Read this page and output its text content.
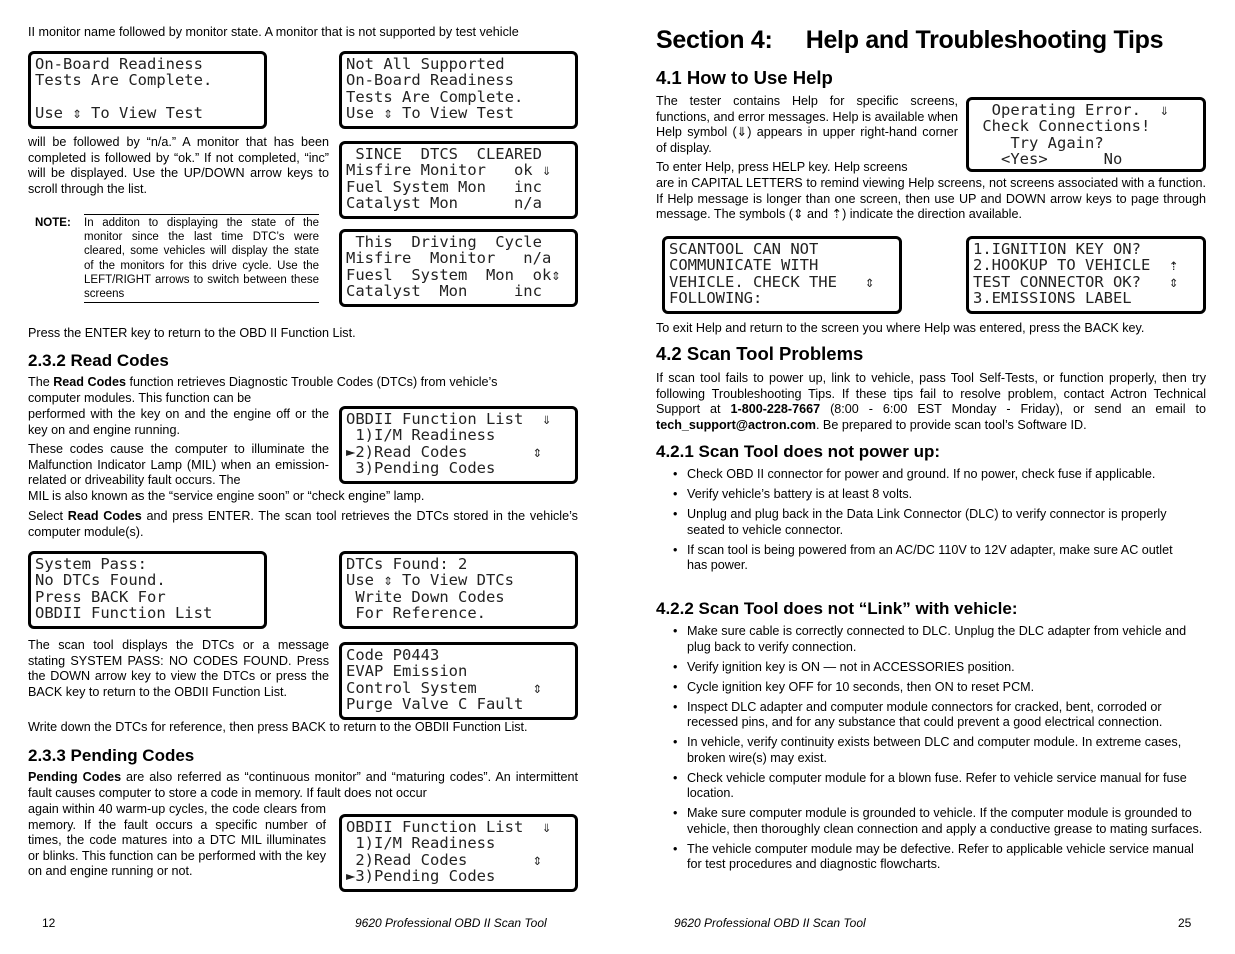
II monitor name followed by monitor state. A monitor that is not supported by test vehicle

On-Board Readiness
Tests Are Complete.
Use ⇕ To View Test
Not All Supported
On-Board Readiness
Tests Are Complete.
Use ⇕ To View Test

will be followed by “n/a.” A monitor that has been completed is followed by “ok.” If not completed, “inc” will be displayed. Use the UP/DOWN arrow keys to scroll through the list.

SINCE  DTCS  CLEARED
Misfire Monitor   ok ⇓
Fuel System Mon   inc
Catalyst Mon      n/a
NOTE: In additon to displaying the state of the monitor since the last time DTC’s were cleared, some vehicles will display the state of the monitors for this drive cycle. Use the LEFT/RIGHT arrows to switch between these screens
This  Driving  Cycle
Misfire  Monitor   n/a
Fuesl  System  Mon  ok⇕
Catalyst  Mon     inc

Press the ENTER key to return to the OBD II Function List.

2.3.2 Read Codes

The Read Codes function retrieves Diagnostic Trouble Codes (DTCs) from vehicle’s

computer modules. This function can be

performed with the key on and the engine off or the key on and engine running.

These codes cause the computer to illuminate the Malfunction Indicator Lamp (MIL) when an emission-related or driveability fault occurs. The

MIL is also known as the “service engine soon” or “check engine” lamp.

OBDII Function List  ⇓
1)I/M Readiness
►2)Read Codes       ⇕
3)Pending Codes

Select Read Codes and press ENTER. The scan tool retrieves the DTCs stored in the vehicle’s computer module(s).

System Pass:
No DTCs Found.
Press BACK For
OBDII Function List
DTCs Found: 2
Use ⇕ To View DTCs
Write Down Codes
For Reference.

The scan tool displays the DTCs or a message stating SYSTEM PASS: NO CODES FOUND. Press the DOWN arrow key to view the DTCs or press the BACK key to return to the OBDII Function List.

Code P0443
EVAP Emission
Control System      ⇕
Purge Valve C Fault

Write down the DTCs for reference, then press BACK to return to the OBDII Function List.

2.3.3 Pending Codes

Pending Codes are also referred as “continuous monitor” and “maturing codes”. An intermittent fault causes computer to store a code in memory. If fault does not occur

again within 40 warm-up cycles, the code clears from memory. If the fault occurs a specific number of times, the code matures into a DTC MIL illuminates or blinks. This function can be performed with the key on and engine running or not.

OBDII Function List  ⇓
1)I/M Readiness
2)Read Codes       ⇕
►3)Pending Codes
12	9620 Professional OBD II Scan Tool
Section 4:     Help and Troubleshooting Tips
4.1 How to Use Help

The tester contains Help for specific screens, functions, and error messages. Help is available when Help symbol (⇓) appears in upper right-hand corner of display.

To enter Help, press HELP key. Help screens

are in CAPITAL LETTERS to remind viewing Help screens, not screens associated with a function. If Help message is longer than one screen, then use UP and DOWN arrow keys to page through message. The symbols (⇕ and ⇡) indicate the direction available.

Operating Error.  ⇓
Check Connections!
Try Again?
<Yes>      No
SCANTOOL CAN NOT
COMMUNICATE WITH
VEHICLE. CHECK THE   ⇕
FOLLOWING:
1.IGNITION KEY ON?
2.HOOKUP TO VEHICLE  ⇡
TEST CONNECTOR OK?   ⇕
3.EMISSIONS LABEL

To exit Help and return to the screen you where Help was entered, press the BACK key.

4.2 Scan Tool Problems

If scan tool fails to power up, link to vehicle, pass Tool Self-Tests, or function properly, then try following Troubleshooting Tips. If these tips fail to resolve problem, contact Actron Technical Support at 1-800-228-7667 (8:00 - 6:00 EST Monday - Friday), or send an email to tech_support@actron.com. Be prepared to provide scan tool’s Software ID.

4.2.1 Scan Tool does not power up:
• Check OBD II connector for power and ground. If no power, check fuse if applicable.
• Verify vehicle’s battery is at least 8 volts.
• Unplug and plug back in the Data Link Connector (DLC) to verify connector is properly seated to vehicle connector.
• If scan tool is being powered from an AC/DC 110V to 12V adapter, make sure AC outlet has power.
4.2.2 Scan Tool does not “Link” with vehicle:
• Make sure cable is correctly connected to DLC. Unplug the DLC adapter from vehicle and plug back to verify connection.
• Verify ignition key is ON — not in ACCESSORIES position.
• Cycle ignition key OFF for 10 seconds, then ON to reset PCM.
• Inspect DLC adapter and computer module connectors for cracked, bent, corroded or recessed pins, and for any substance that could prevent a good electrical connection.
• In vehicle, verify continuity exists between DLC and computer module. In extreme cases, broken wire(s) may exist.
• Check vehicle computer module for a blown fuse. Refer to vehicle service manual for fuse location.
• Make sure computer module is grounded to vehicle. If the computer module is grounded to vehicle, then thoroughly clean connection and apply a conductive grease to mating surfaces.
• The vehicle computer module may be defective. Refer to applicable vehicle service manual for test procedures and diagnostic flowcharts.
9620 Professional OBD II Scan Tool	25
